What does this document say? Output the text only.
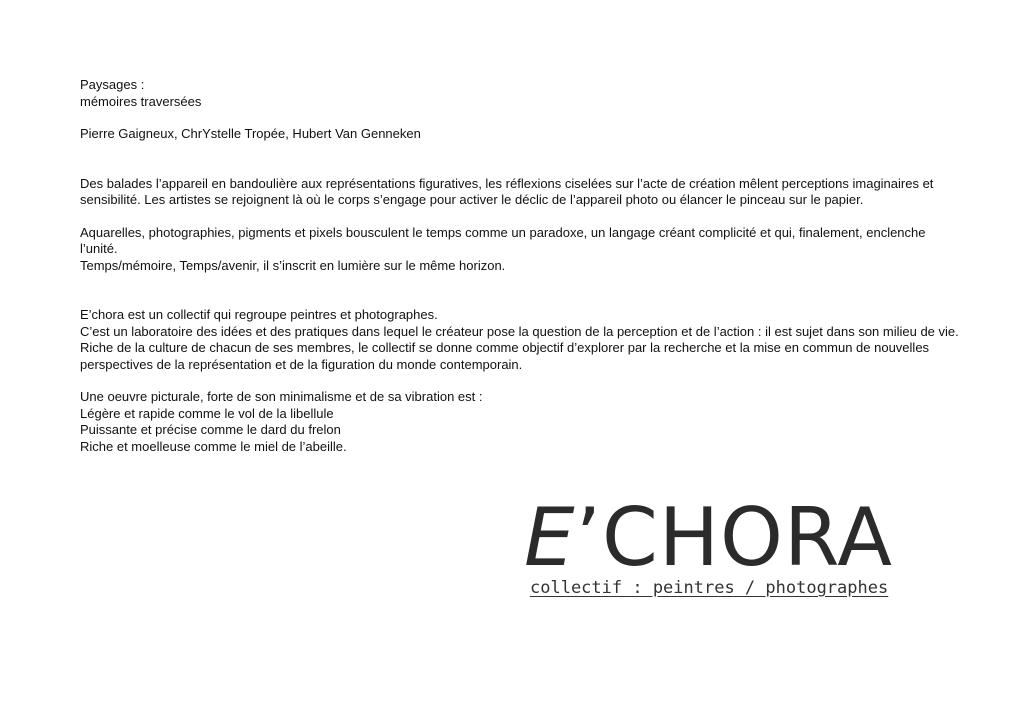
Paysages :

mémoires traversées

Pierre Gaigneux, ChrYstelle Tropée, Hubert Van Genneken

Des balades l’appareil en bandoulière aux représentations figuratives, les réflexions ciselées sur l’acte de création mêlent perceptions imaginaires et sensibilité. Les artistes se rejoignent là où le corps s’engage pour activer le déclic de l’appareil photo ou élancer le pinceau sur le papier.

Aquarelles, photographies, pigments et pixels bousculent le temps comme un paradoxe, un langage créant complicité et qui, finalement, enclenche l’unité.

Temps/mémoire, Temps/avenir, il s’inscrit en lumière sur le même horizon.

E’chora est un collectif qui regroupe peintres et photographes.

C’est un laboratoire des idées et des pratiques dans lequel le créateur pose la question de la perception et de l’action : il est sujet dans son milieu de vie.

Riche de la culture de chacun de ses membres, le collectif se donne comme objectif d’explorer par la recherche et la mise en commun de nouvelles perspectives de la représentation et de la figuration du monde contemporain.

Une oeuvre picturale, forte de son minimalisme et de sa vibration est :

Légère et rapide comme le vol de la libellule

Puissante et précise comme le dard du frelon

Riche et moelleuse comme le miel de l’abeille.

E’CHORA
collectif : peintres / photographes
